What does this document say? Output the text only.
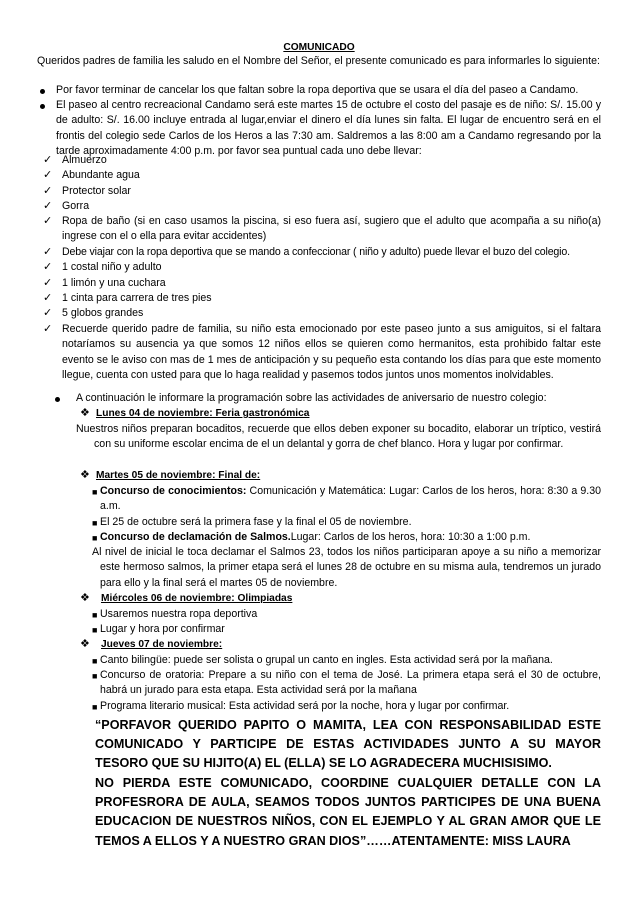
COMUNICADO
Queridos padres de familia les saludo en el Nombre del Señor, el presente comunicado es para informarles lo siguiente:
Por favor terminar de cancelar los que faltan sobre la ropa deportiva que se usara el día del paseo a Candamo.
El paseo al centro recreacional Candamo será este martes 15 de octubre el costo del pasaje es de niño: S/. 15.00 y de adulto: S/. 16.00 incluye entrada al lugar,enviar el dinero el día lunes sin falta. El lugar de encuentro será en el frontis del colegio sede Carlos de los Heros a las 7:30 am. Saldremos a las 8:00 am a Candamo regresando por la tarde aproximadamente 4:00 p.m. por favor sea puntual cada uno debe llevar:
✓ Almuerzo
✓ Abundante agua
✓ Protector solar
✓ Gorra
✓ Ropa de baño (si en caso usamos la piscina, si eso fuera así, sugiero que el adulto que acompaña a su niño(a) ingrese con el o ella para evitar accidentes)
✓ Debe viajar con la ropa deportiva que se mando a confeccionar ( niño y adulto) puede llevar el buzo del colegio.
✓ 1 costal niño y adulto
✓ 1 limón y una cuchara
✓ 1 cinta para carrera de tres pies
✓ 5 globos grandes
✓ Recuerde querido padre de familia, su niño esta emocionado por este paseo junto a sus amiguitos, si el faltara notaríamos su ausencia ya que somos 12 niños ellos se quieren como hermanitos, esta prohibido faltar este evento se le aviso con mas de 1 mes de anticipación y su pequeño esta contando los días para que este momento llegue, cuenta con usted para que lo haga realidad y pasemos todos juntos unos momentos inolvidables.
A continuación le informare la programación sobre las actividades de aniversario de nuestro colegio:
❖ Lunes 04 de noviembre: Feria gastronómica
Nuestros niños preparan bocaditos, recuerde que ellos deben exponer su bocadito, elaborar un tríptico, vestirá con su uniforme escolar encima de el un delantal y gorra de chef blanco. Hora y lugar por confirmar.
❖ Martes 05 de noviembre: Final de:
■ Concurso de conocimientos: Comunicación y Matemática: Lugar: Carlos de los heros, hora: 8:30 a 9.30 a.m.
■ El 25 de octubre será la primera fase y la final el 05 de noviembre.
■ Concurso de declamación de Salmos.Lugar: Carlos de los heros, hora: 10:30 a 1:00 p.m.
Al nivel de inicial le toca declamar el Salmos 23, todos los niños participaran apoye a su niño a memorizar este hermoso salmos, la primer etapa será el lunes 28 de octubre en su misma aula, tendremos un jurado para ello y la final será el martes 05 de noviembre.
❖ Miércoles 06 de noviembre: Olimpiadas
■ Usaremos nuestra ropa deportiva
■ Lugar y hora por confirmar
❖ Jueves 07 de noviembre:
■ Canto bilingüe: puede ser solista o grupal un canto en ingles. Esta actividad será por la mañana.
■ Concurso de oratoria: Prepare a su niño con el tema de José. La primera etapa será el 30 de octubre, habrá un jurado para esta etapa. Esta actividad será por la mañana
■ Programa literario musical: Esta actividad será por la noche, hora y lugar por confirmar.
“PORFAVOR QUERIDO PAPITO O MAMITA, LEA CON RESPONSABILIDAD ESTE COMUNICADO Y PARTICIPE DE ESTAS ACTIVIDADES JUNTO A SU MAYOR TESORO QUE SU HIJITO(A) EL (ELLA) SE LO AGRADECERA MUCHISISIMO.
NO PIERDA ESTE COMUNICADO, COORDINE CUALQUIER DETALLE CON LA PROFESRORA DE AULA, SEAMOS TODOS JUNTOS PARTICIPES DE UNA BUENA EDUCACION DE NUESTROS NIÑOS, CON EL EJEMPLO Y AL GRAN AMOR QUE LE TEMOS A ELLOS Y A NUESTRO GRAN DIOS”……ATENTAMENTE: MISS LAURA
